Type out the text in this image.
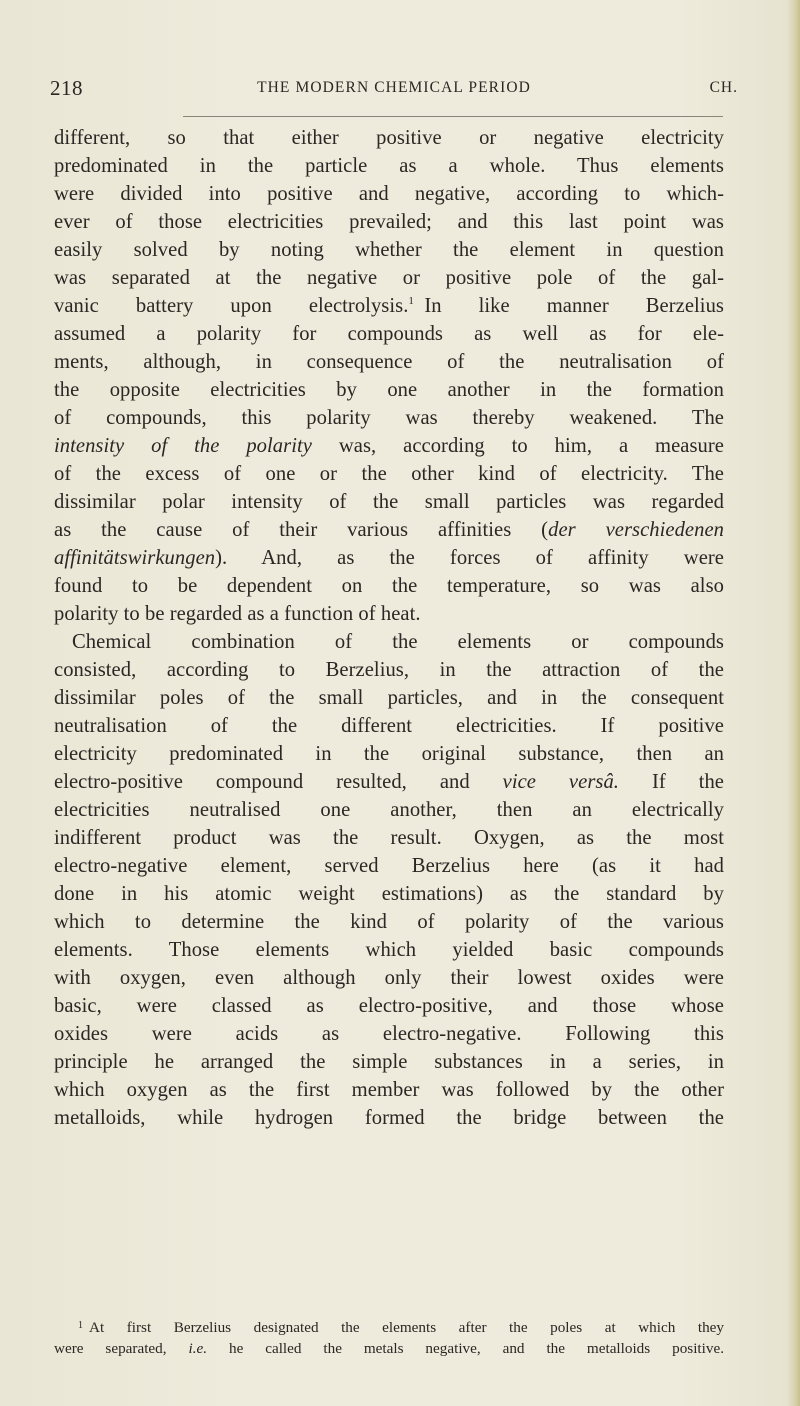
218	THE MODERN CHEMICAL PERIOD	CH.
different, so that either positive or negative electricity
predominated in the particle as a whole. Thus elements
were divided into positive and negative, according to which-
ever of those electricities prevailed; and this last point was
easily solved by noting whether the element in question
was separated at the negative or positive pole of the gal-
vanic battery upon electrolysis.$^1$  In like manner Berzelius
assumed a polarity for compounds as well as for ele-
ments, although, in consequence of the neutralisation of
the opposite electricities by one another in the formation
of compounds, this polarity was thereby weakened. The
intensity of the polarity was, according to him, a measure
of the excess of one or the other kind of electricity. The
dissimilar polar intensity of the small particles was regarded
as the cause of their various affinities (der verschiedenen
affinitätswirkungen). And, as the forces of affinity were
found to be dependent on the temperature, so was also
polarity to be regarded as a function of heat.
Chemical combination of the elements or compounds
consisted, according to Berzelius, in the attraction of the
dissimilar poles of the small particles, and in the consequent
neutralisation of the different electricities. If positive
electricity predominated in the original substance, then an
electro-positive compound resulted, and vice versâ. If the
electricities neutralised one another, then an electrically
indifferent product was the result. Oxygen, as the most
electro-negative element, served Berzelius here (as it had
done in his atomic weight estimations) as the standard by
which to determine the kind of polarity of the various
elements. Those elements which yielded basic compounds
with oxygen, even although only their lowest oxides were
basic, were classed as electro-positive, and those whose
oxides were acids as electro-negative. Following this
principle he arranged the simple substances in a series, in
which oxygen as the first member was followed by the other
metalloids, while hydrogen formed the bridge between the
$^1$ At first Berzelius designated the elements after the poles at which they
were separated, i.e. he called the metals negative, and the metalloids positive.
